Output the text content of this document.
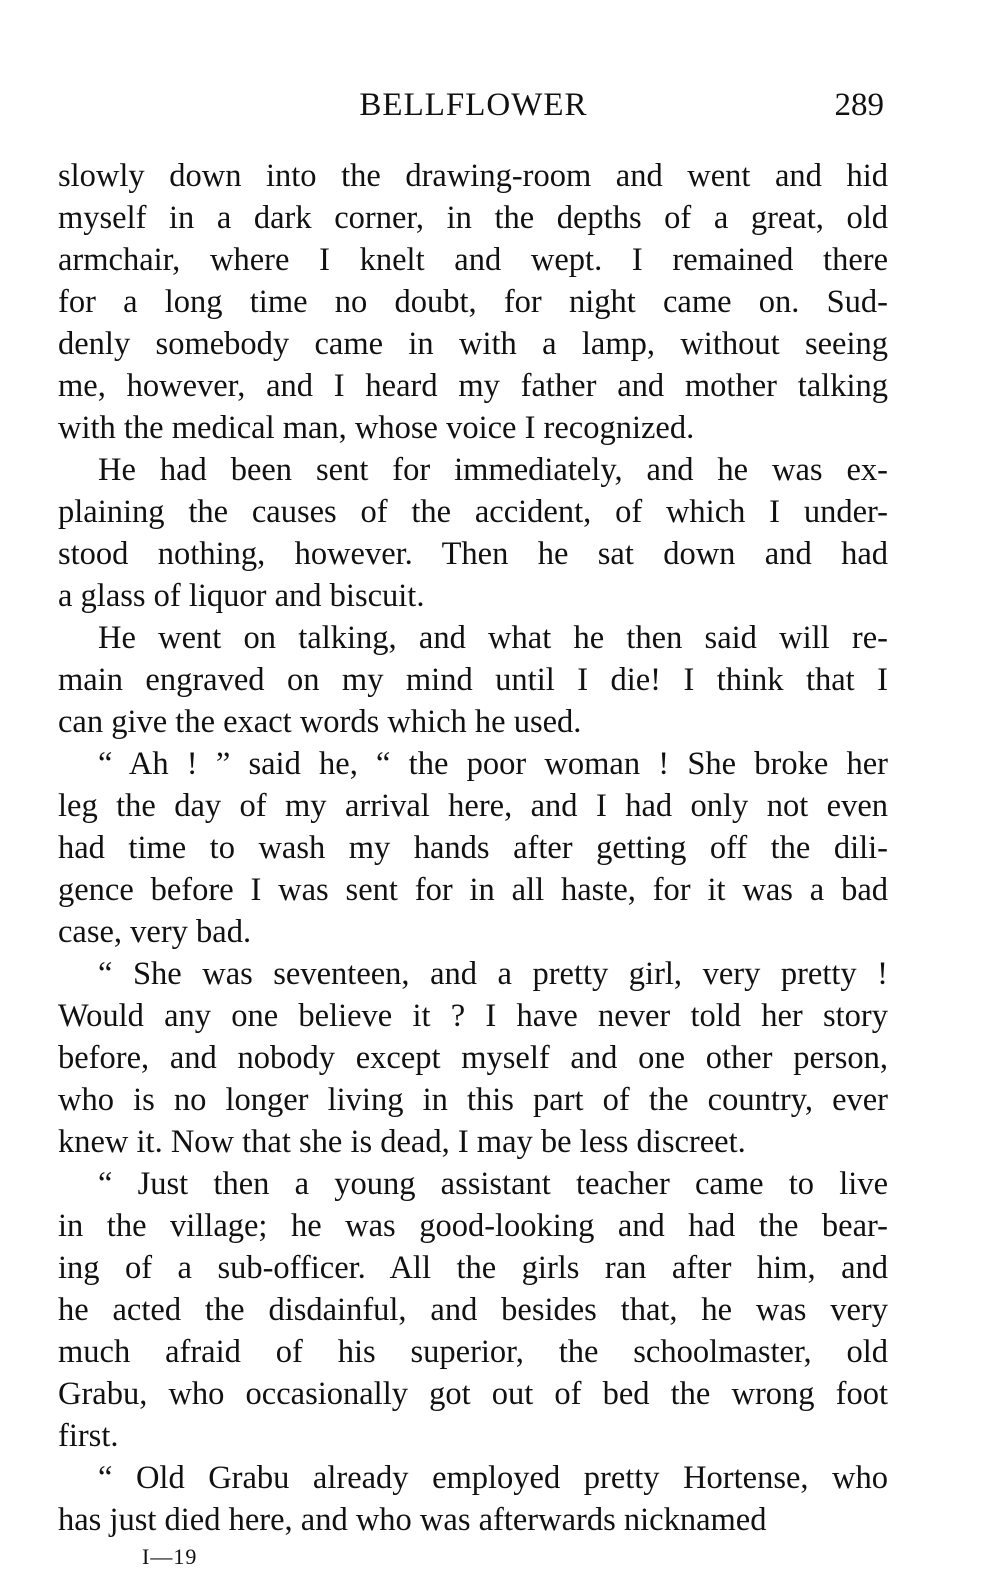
BELLFLOWER	289
slowly down into the drawing-room and went and hid
myself in a dark corner, in the depths of a great, old
armchair, where I knelt and wept. I remained there
for a long time no doubt, for night came on. Sud-
denly somebody came in with a lamp, without seeing
me, however, and I heard my father and mother talking
with the medical man, whose voice I recognized.
He had been sent for immediately, and he was ex-
plaining the causes of the accident, of which I under-
stood nothing, however. Then he sat down and had
a glass of liquor and biscuit.
He went on talking, and what he then said will re-
main engraved on my mind until I die! I think that I
can give the exact words which he used.
“ Ah ! ” said he, “ the poor woman ! She broke her
leg the day of my arrival here, and I had only not even
had time to wash my hands after getting off the dili-
gence before I was sent for in all haste, for it was a bad
case, very bad.
“ She was seventeen, and a pretty girl, very pretty !
Would any one believe it ? I have never told her story
before, and nobody except myself and one other person,
who is no longer living in this part of the country, ever
knew it. Now that she is dead, I may be less discreet.
“ Just then a young assistant teacher came to live
in the village; he was good-looking and had the bear-
ing of a sub-officer. All the girls ran after him, and
he acted the disdainful, and besides that, he was very
much afraid of his superior, the schoolmaster, old
Grabu, who occasionally got out of bed the wrong foot
first.
“ Old Grabu already employed pretty Hortense, who
has just died here, and who was afterwards nicknamed
I—19
